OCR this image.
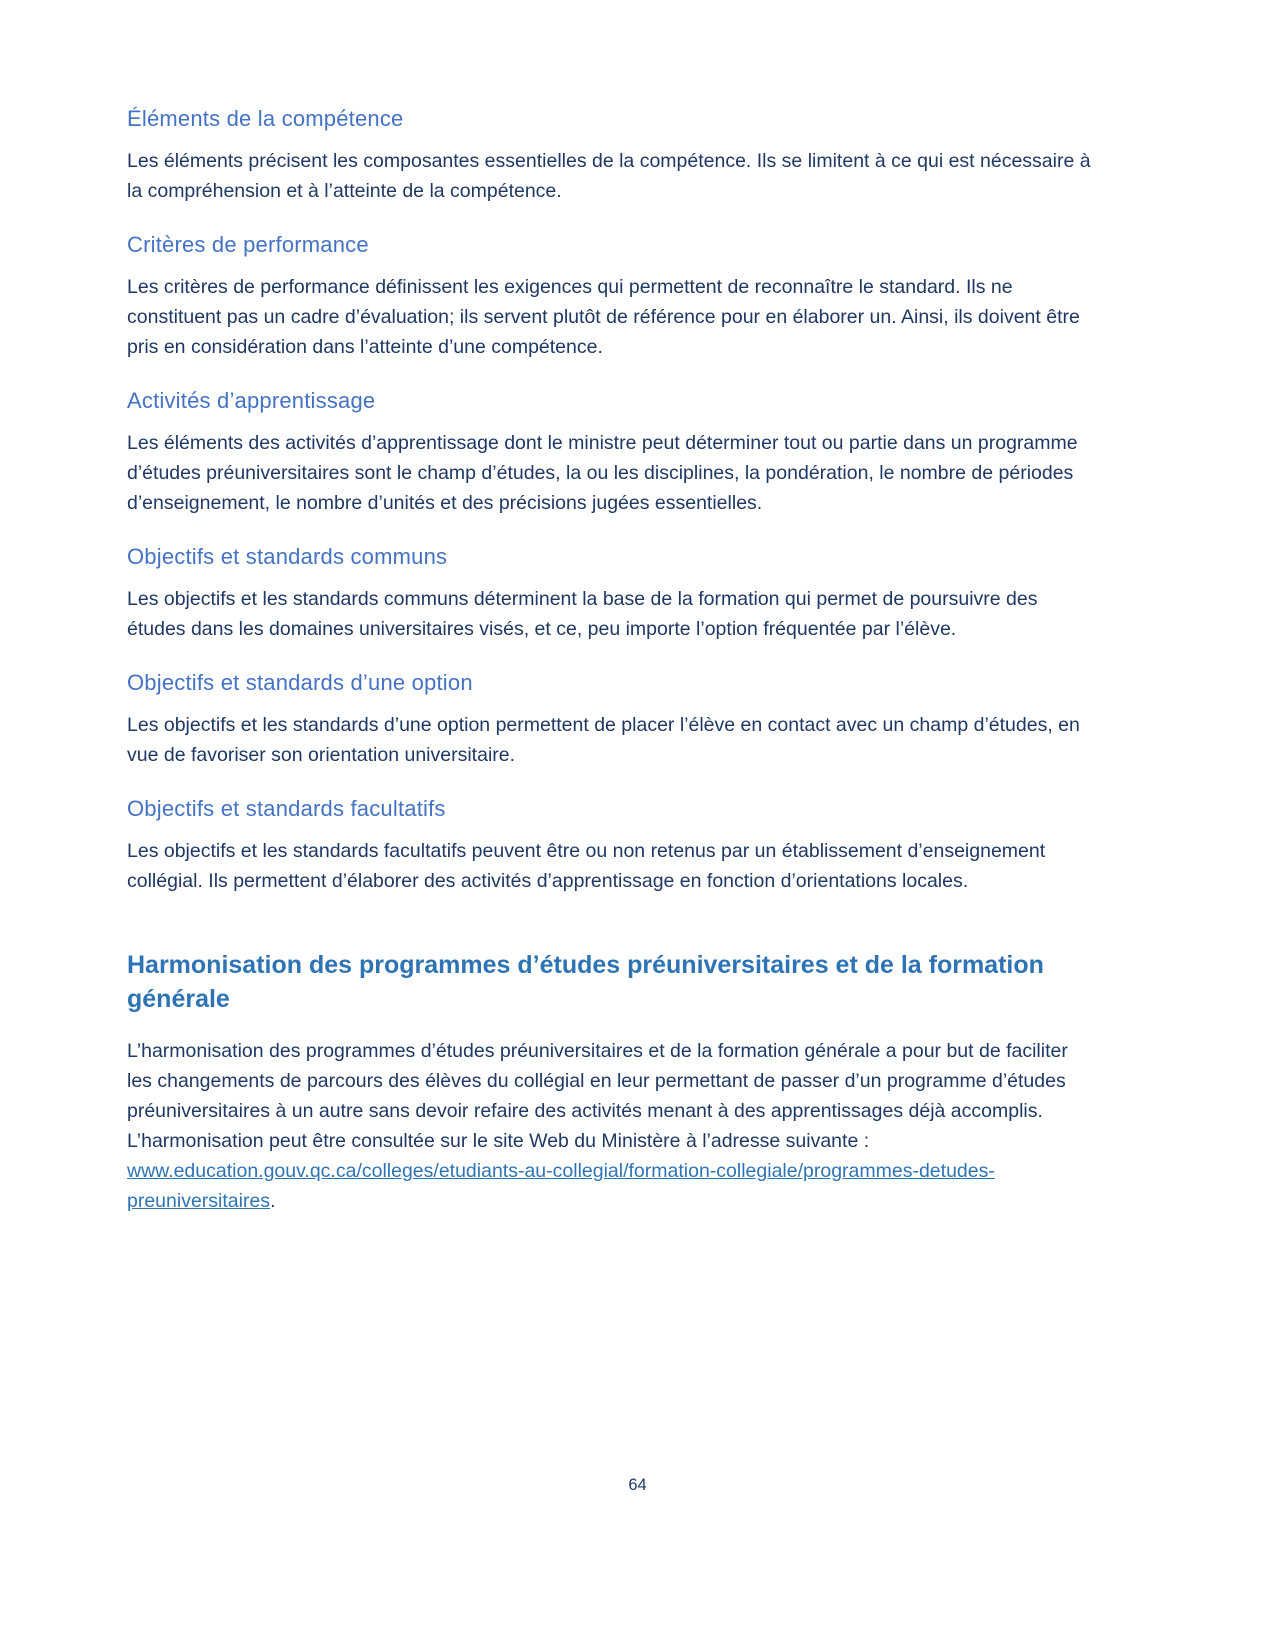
Éléments de la compétence

Les éléments précisent les composantes essentielles de la compétence. Ils se limitent à ce qui est nécessaire à la compréhension et à l’atteinte de la compétence.

Critères de performance

Les critères de performance définissent les exigences qui permettent de reconnaître le standard. Ils ne constituent pas un cadre d’évaluation; ils servent plutôt de référence pour en élaborer un. Ainsi, ils doivent être pris en considération dans l’atteinte d’une compétence.

Activités d’apprentissage

Les éléments des activités d’apprentissage dont le ministre peut déterminer tout ou partie dans un programme d’études préuniversitaires sont le champ d’études, la ou les disciplines, la pondération, le nombre de périodes d’enseignement, le nombre d’unités et des précisions jugées essentielles.

Objectifs et standards communs

Les objectifs et les standards communs déterminent la base de la formation qui permet de poursuivre des études dans les domaines universitaires visés, et ce, peu importe l’option fréquentée par l’élève.

Objectifs et standards d’une option

Les objectifs et les standards d’une option permettent de placer l’élève en contact avec un champ d’études, en vue de favoriser son orientation universitaire.

Objectifs et standards facultatifs

Les objectifs et les standards facultatifs peuvent être ou non retenus par un établissement d’enseignement collégial. Ils permettent d’élaborer des activités d’apprentissage en fonction d’orientations locales.

Harmonisation des programmes d’études préuniversitaires et de la formation générale

L’harmonisation des programmes d’études préuniversitaires et de la formation générale a pour but de faciliter les changements de parcours des élèves du collégial en leur permettant de passer d’un programme d’études préuniversitaires à un autre sans devoir refaire des activités menant à des apprentissages déjà accomplis. L’harmonisation peut être consultée sur le site Web du Ministère à l’adresse suivante :

www.education.gouv.qc.ca/colleges/etudiants-au-collegial/formation-collegiale/programmes-detudes-preuniversitaires.

64
